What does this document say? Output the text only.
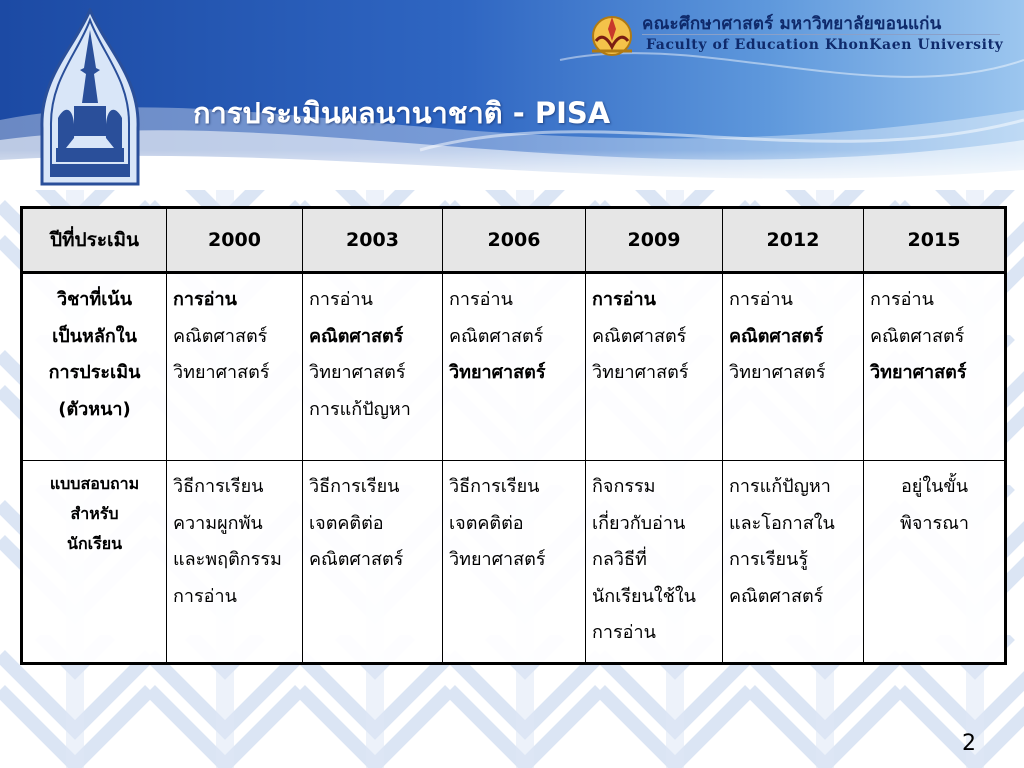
คณะศึกษาศาสตร์ มหาวิทยาลัยขอนแก่น
Faculty of Education KhonKaen University
การประเมินผลนานาชาติ - PISA
ปีที่ประเมิน	2000	2003	2006	2009	2012	2015

วิชาที่เน้น
เป็นหลักใน
การประเมิน
(ตัวหนา)	การอ่าน
คณิตศาสตร์
วิทยาศาสตร์	การอ่าน
คณิตศาสตร์
วิทยาศาสตร์
การแก้ปัญหา	การอ่าน
คณิตศาสตร์
วิทยาศาสตร์	การอ่าน
คณิตศาสตร์
วิทยาศาสตร์	การอ่าน
คณิตศาสตร์
วิทยาศาสตร์	การอ่าน
คณิตศาสตร์
วิทยาศาสตร์

แบบสอบถาม
สำหรับ
นักเรียน	วิธีการเรียน
ความผูกพัน
และพฤติกรรม
การอ่าน	วิธีการเรียน
เจตคติต่อ
คณิตศาสตร์	วิธีการเรียน
เจตคติต่อ
วิทยาศาสตร์	กิจกรรม
เกี่ยวกับอ่าน
กลวิธีที่
นักเรียนใช้ใน
การอ่าน	การแก้ปัญหา
และโอกาสใน
การเรียนรู้
คณิตศาสตร์	อยู่ในขั้น
พิจารณา
2
